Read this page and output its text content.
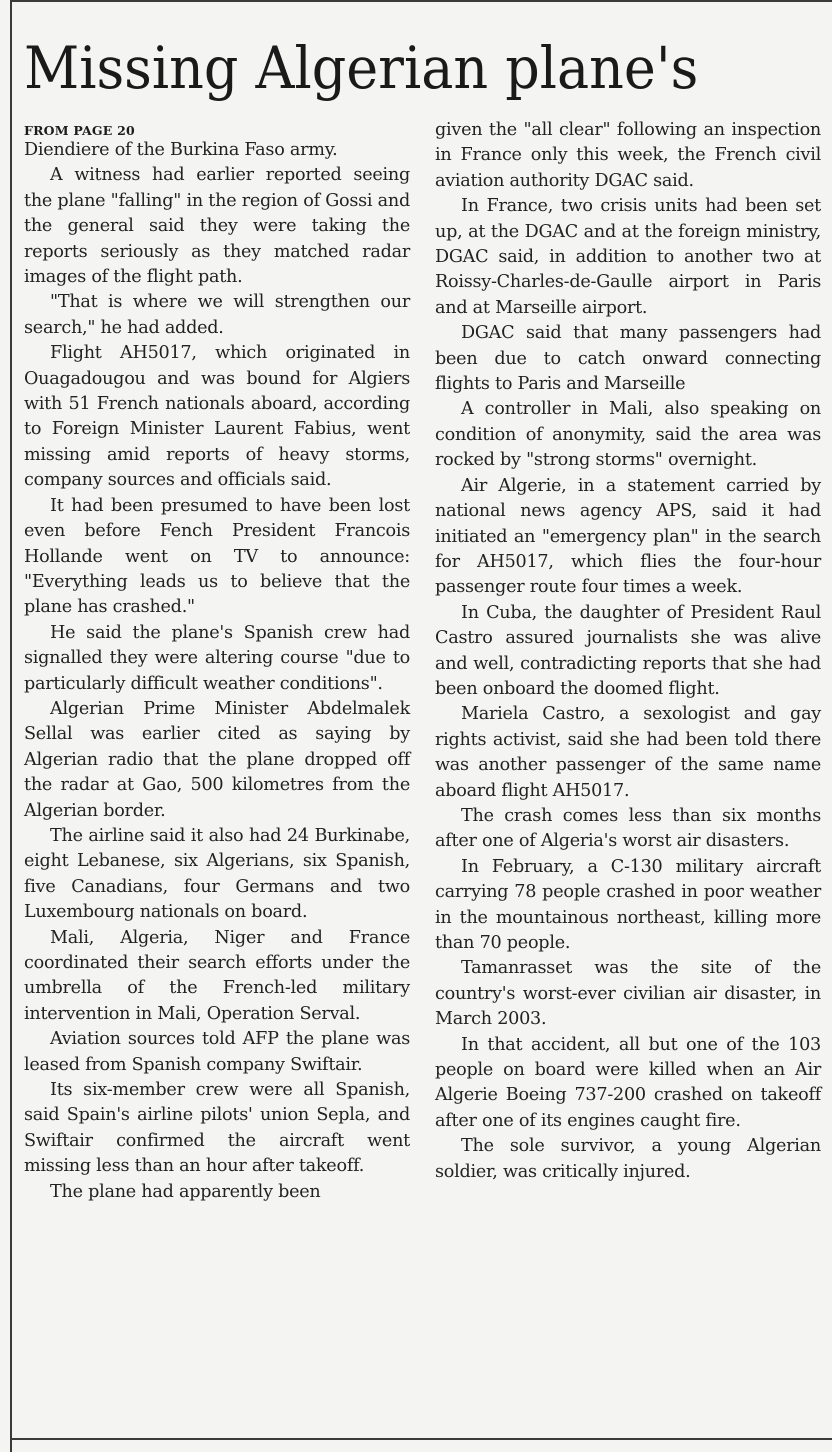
Missing Algerian plane's
FROM PAGE 20

Diendiere of the Burkina Faso army.

A witness had earlier reported seeing the plane "falling" in the region of Gossi and the general said they were taking the reports seriously as they matched radar images of the flight path.

"That is where we will strengthen our search," he had added.

Flight AH5017, which originated in Ouagadougou and was bound for Algiers with 51 French nationals aboard, according to Foreign Minister Laurent Fabius, went missing amid reports of heavy storms, company sources and officials said.

It had been presumed to have been lost even before Fench President Francois Hollande went on TV to announce: "Everything leads us to believe that the plane has crashed."

He said the plane's Spanish crew had signalled they were altering course "due to particularly difficult weather conditions".

Algerian Prime Minister Abdelmalek Sellal was earlier cited as saying by Algerian radio that the plane dropped off the radar at Gao, 500 kilometres from the Algerian border.

The airline said it also had 24 Burkinabe, eight Lebanese, six Algerians, six Spanish, five Canadians, four Germans and two Luxembourg nationals on board.

Mali, Algeria, Niger and France coordinated their search efforts under the umbrella of the French-led military intervention in Mali, Operation Serval.

Aviation sources told AFP the plane was leased from Spanish company Swiftair.

Its six-member crew were all Spanish, said Spain's airline pilots' union Sepla, and Swiftair confirmed the aircraft went missing less than an hour after takeoff.

The plane had apparently been

given the "all clear" following an inspection in France only this week, the French civil aviation authority DGAC said.

In France, two crisis units had been set up, at the DGAC and at the foreign ministry, DGAC said, in addition to another two at Roissy-Charles-de-Gaulle airport in Paris and at Marseille airport.

DGAC said that many passengers had been due to catch onward connecting flights to Paris and Marseille

A controller in Mali, also speaking on condition of anonymity, said the area was rocked by "strong storms" overnight.

Air Algerie, in a statement carried by national news agency APS, said it had initiated an "emergency plan" in the search for AH5017, which flies the four-hour passenger route four times a week.

In Cuba, the daughter of President Raul Castro assured journalists she was alive and well, contradicting reports that she had been onboard the doomed flight.

Mariela Castro, a sexologist and gay rights activist, said she had been told there was another passenger of the same name aboard flight AH5017.

The crash comes less than six months after one of Algeria's worst air disasters.

In February, a C-130 military aircraft carrying 78 people crashed in poor weather in the mountainous northeast, killing more than 70 people.

Tamanrasset was the site of the country's worst-ever civilian air disaster, in March 2003.

In that accident, all but one of the 103 people on board were killed when an Air Algerie Boeing 737-200 crashed on takeoff after one of its engines caught fire.

The sole survivor, a young Algerian soldier, was critically injured.
